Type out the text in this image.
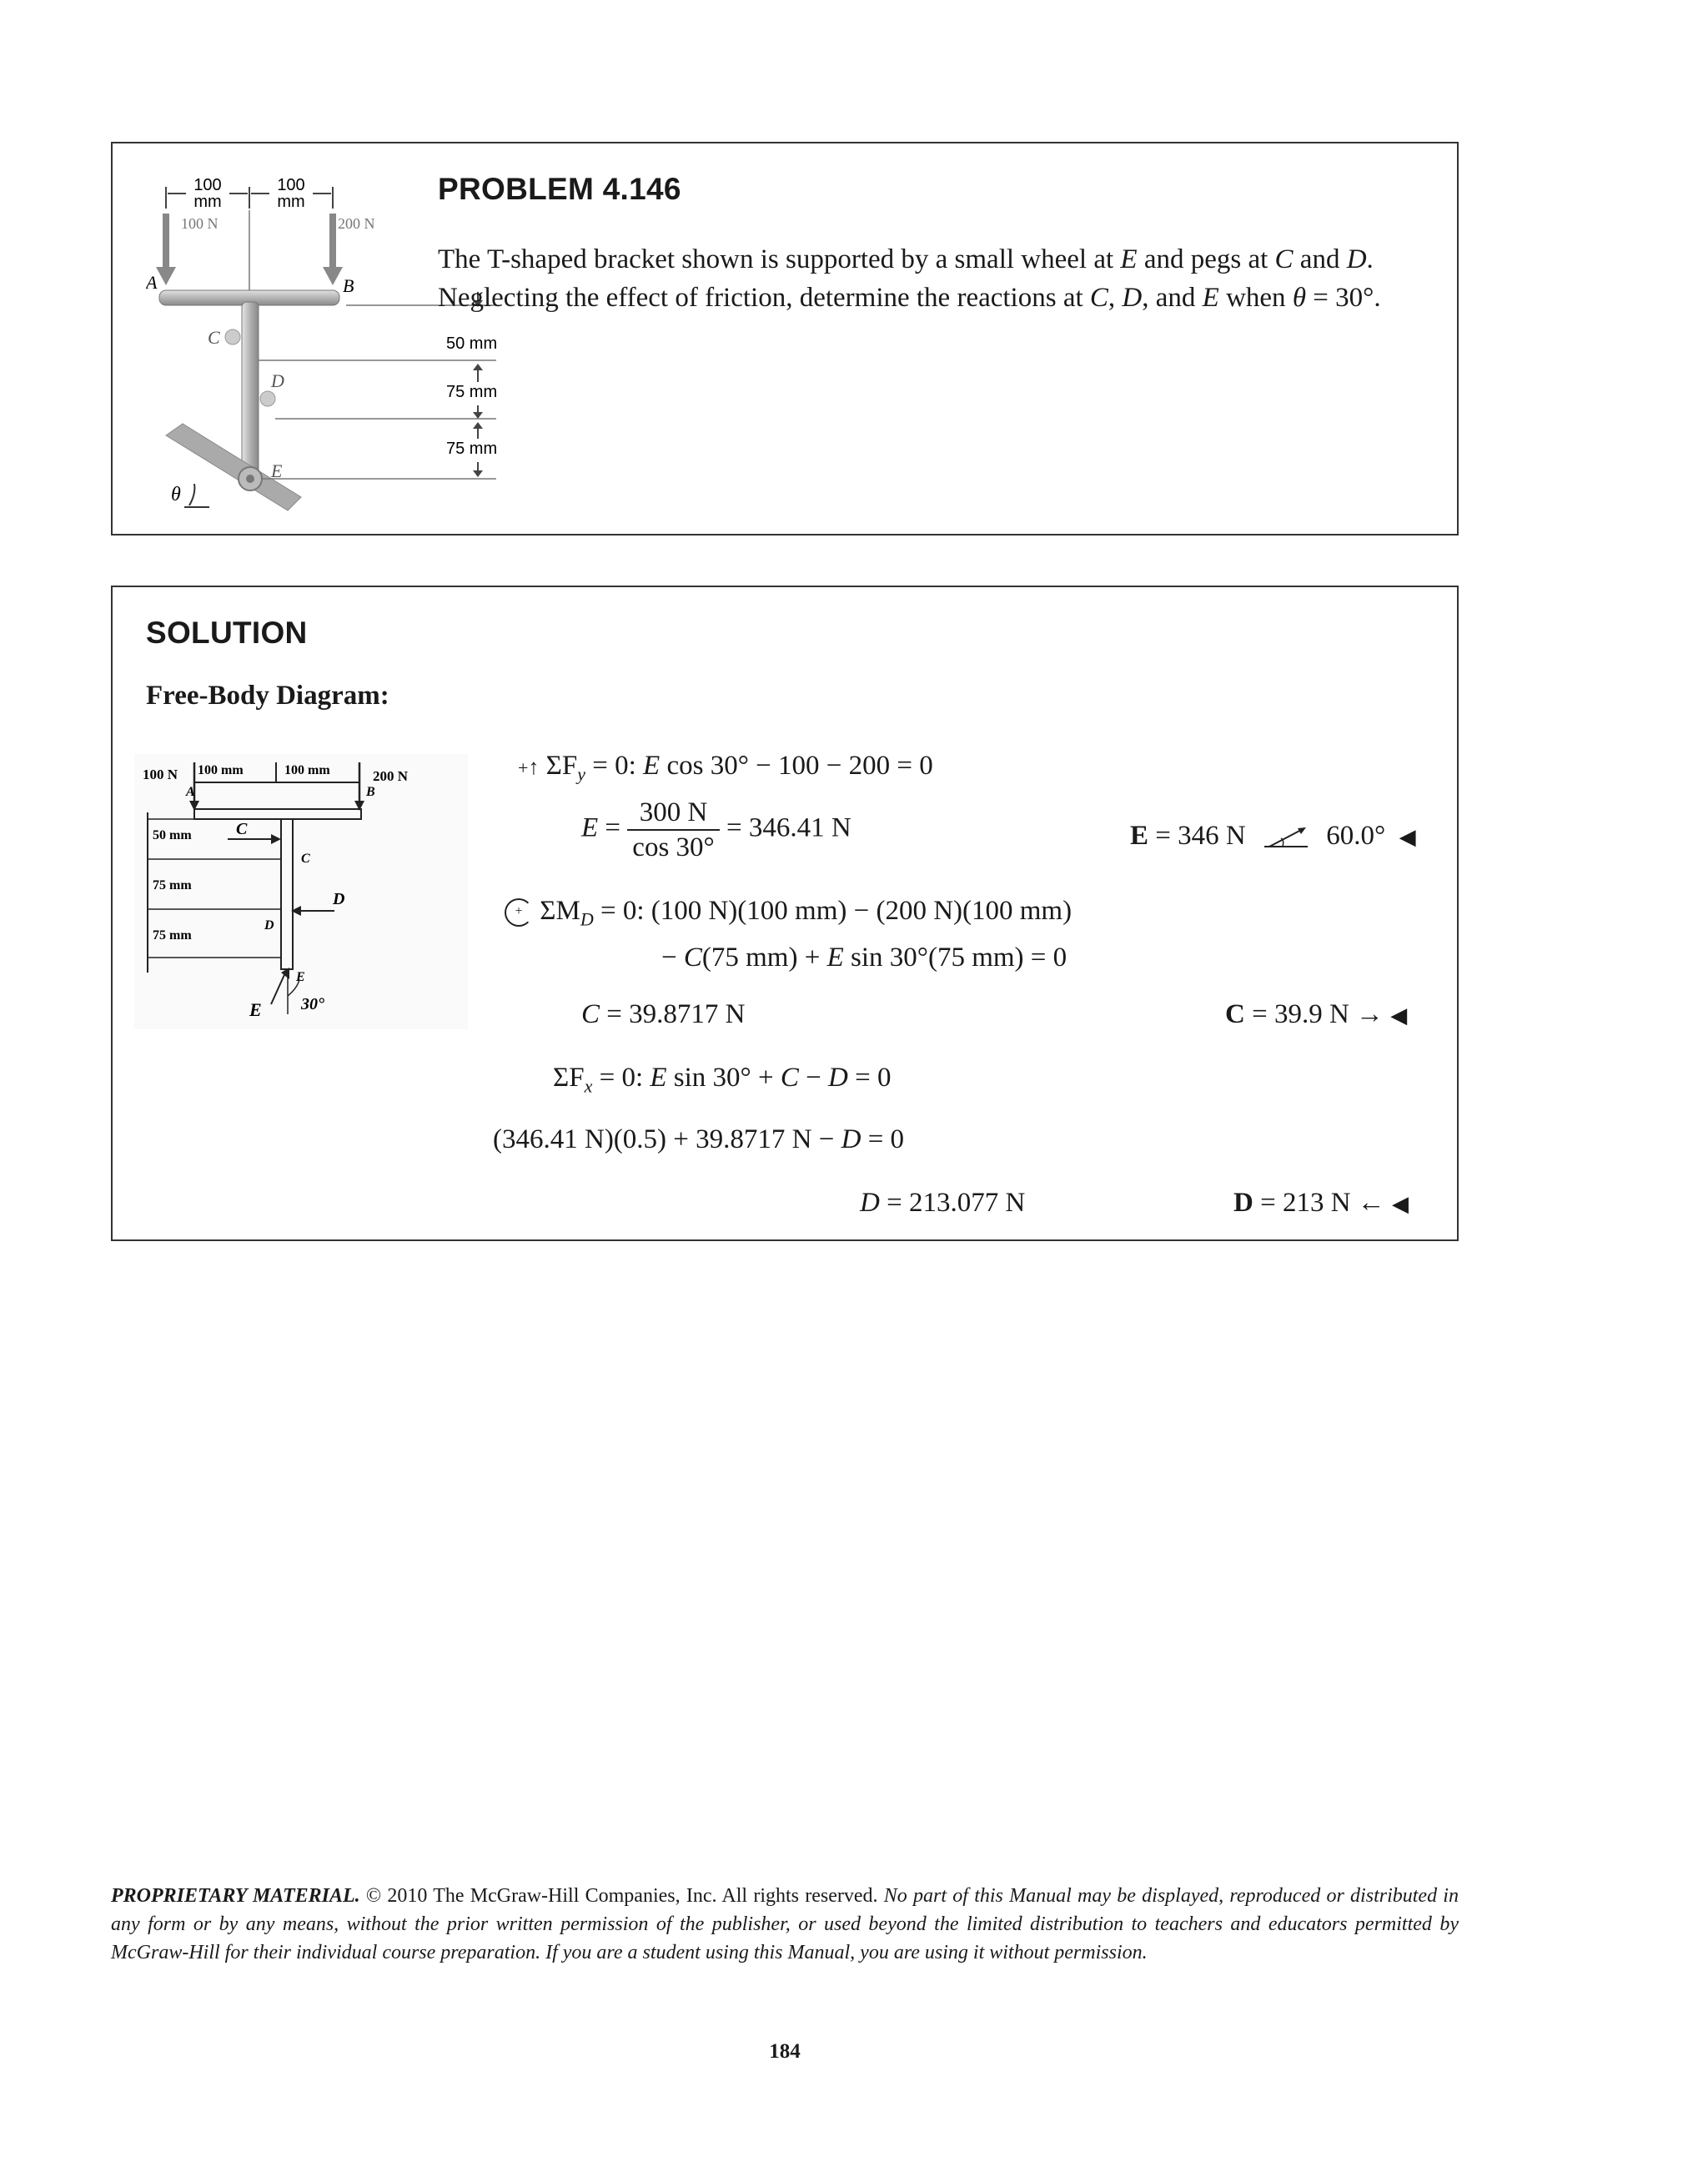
100
mm
100
mm
100 N	200 N
A	B
C
D
E
θ
50 mm
75 mm
75 mm
PROBLEM 4.146
The T-shaped bracket shown is supported by a small wheel at E and pegs at C and D.
Neglecting the effect of friction, determine the reactions at C, D, and E when θ = 30°.
SOLUTION
Free-Body Diagram:
100 N 100 mm	100 mm	200 N
A	B
50 mm
75 mm
75 mm
C
C
D
D
E
E 30°
+↑ $\Sigma F_y = 0$: E cos 30° − 100 − 200 = 0
$E = \frac{300 N}{\cos 30^\circ} = 346.41$ N	E = 346 N	60.0° ◀
+ $\Sigma M_D = 0$: (100 N)(100 mm) − (200 N)(100 mm)
− C(75 mm) + E sin 30°(75 mm) = 0
C = 39.8717 N	C = 39.9 N → ◀
$\Sigma F_x = 0$: E sin 30° + C − D = 0
(346.41 N)(0.5) + 39.8717 N − D = 0
D = 213.077 N	D = 213 N ← ◀
PROPRIETARY MATERIAL. © 2010 The McGraw-Hill Companies, Inc. All rights reserved. No part of this Manual may be displayed, reproduced or distributed in any form or by any means, without the prior written permission of the publisher, or used beyond the limited distribution to teachers and educators permitted by McGraw-Hill for their individual course preparation. If you are a student using this Manual, you are using it without permission.
184
